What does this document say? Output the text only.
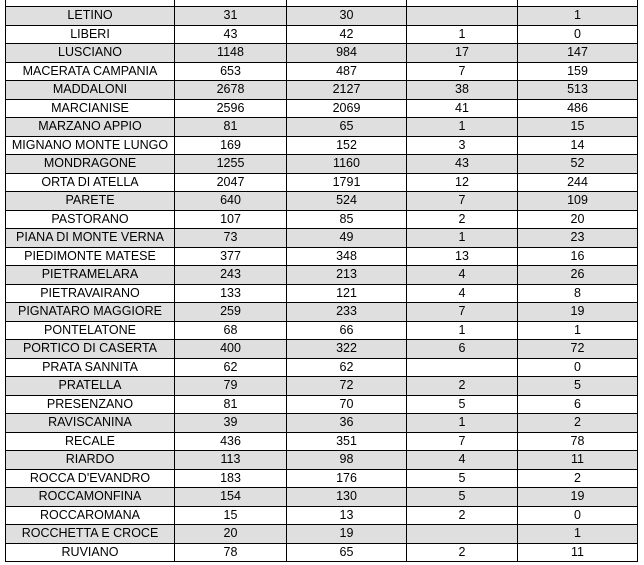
LETINO	31	30		1
LIBERI	43	42	1	0
LUSCIANO	1148	984	17	147
MACERATA CAMPANIA	653	487	7	159
MADDALONI	2678	2127	38	513
MARCIANISE	2596	2069	41	486
MARZANO APPIO	81	65	1	15
MIGNANO MONTE LUNGO	169	152	3	14
MONDRAGONE	1255	1160	43	52
ORTA DI ATELLA	2047	1791	12	244
PARETE	640	524	7	109
PASTORANO	107	85	2	20
PIANA DI MONTE VERNA	73	49	1	23
PIEDIMONTE MATESE	377	348	13	16
PIETRAMELARA	243	213	4	26
PIETRAVAIRANO	133	121	4	8
PIGNATARO MAGGIORE	259	233	7	19
PONTELATONE	68	66	1	1
PORTICO DI CASERTA	400	322	6	72
PRATA SANNITA	62	62		0
PRATELLA	79	72	2	5
PRESENZANO	81	70	5	6
RAVISCANINA	39	36	1	2
RECALE	436	351	7	78
RIARDO	113	98	4	11
ROCCA D'EVANDRO	183	176	5	2
ROCCAMONFINA	154	130	5	19
ROCCAROMANA	15	13	2	0
ROCCHETTA E CROCE	20	19		1
RUVIANO	78	65	2	11
